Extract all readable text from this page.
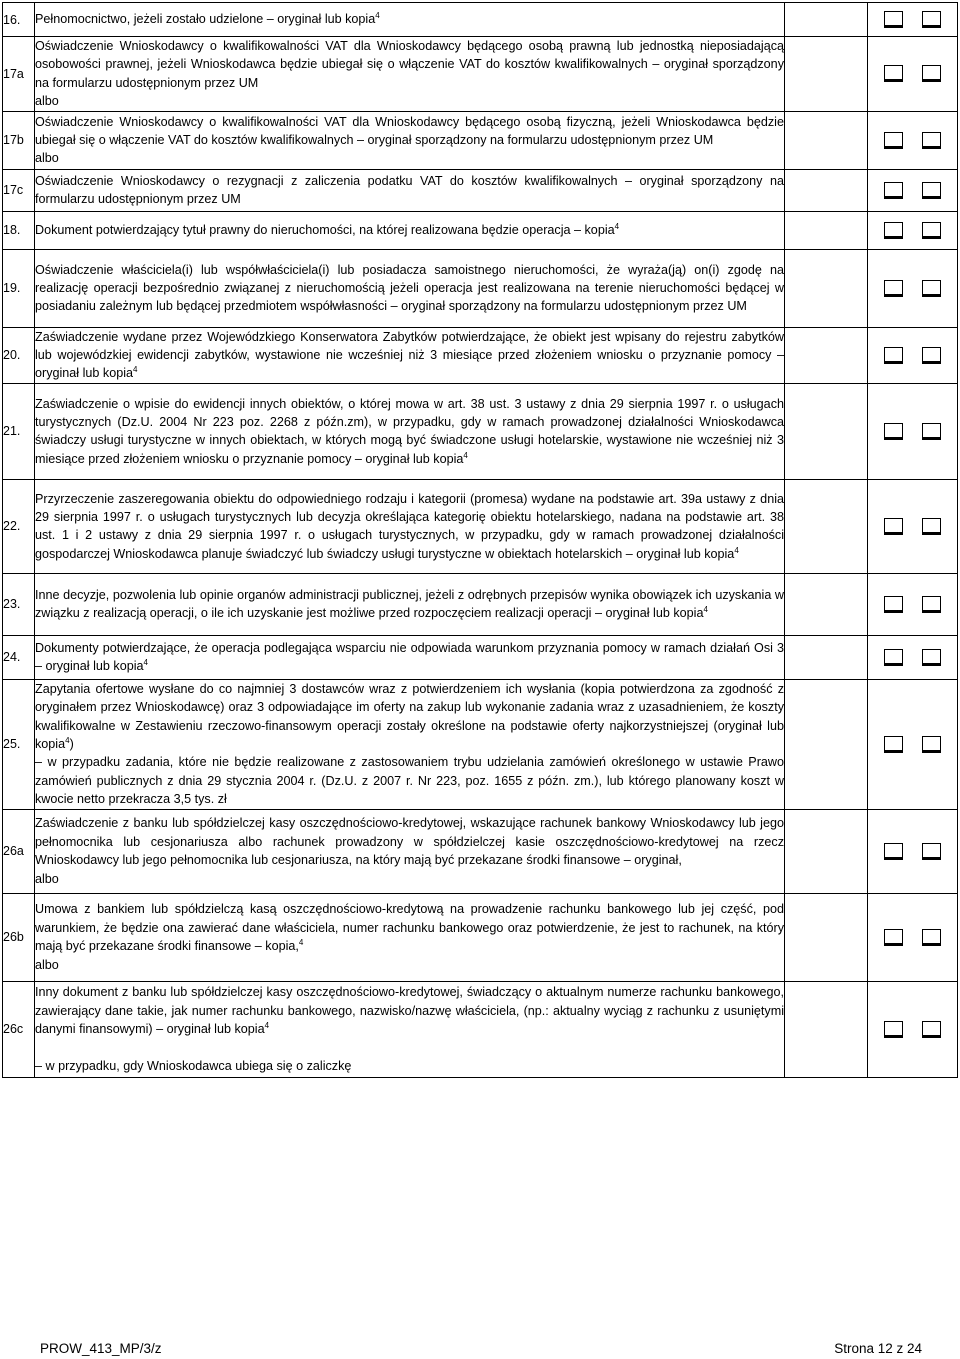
16.	Pełnomocnictwo, jeżeli zostało udzielone – oryginał lub kopia$^4$

17a	Oświadczenie Wnioskodawcy o kwalifikowalności VAT dla Wnioskodawcy będącego osobą prawną lub jednostką nieposiadającą osobowości prawnej, jeżeli Wnioskodawca będzie ubiegał się o włączenie VAT do kosztów kwalifikowalnych – oryginał sporządzony na formularzu udostępnionym przez UM
albo		

17b	Oświadczenie Wnioskodawcy o kwalifikowalności VAT dla Wnioskodawcy będącego osobą fizyczną, jeżeli Wnioskodawca będzie ubiegał się o włączenie VAT do kosztów kwalifikowalnych – oryginał sporządzony na formularzu udostępnionym przez UM
albo		

17c	Oświadczenie Wnioskodawcy o rezygnacji z zaliczenia podatku VAT do kosztów kwalifikowalnych – oryginał sporządzony na formularzu udostępnionym przez UM		

18.	Dokument potwierdzający tytuł prawny do nieruchomości, na której realizowana będzie operacja – kopia$^4$

19.	Oświadczenie właściciela(i) lub współwłaściciela(i) lub posiadacza samoistnego nieruchomości, że wyraża(ją) on(i) zgodę na realizację operacji bezpośrednio związanej z nieruchomością jeżeli operacja jest realizowana na terenie nieruchomości będącej w posiadaniu zależnym lub będącej przedmiotem współwłasności – oryginał sporządzony na formularzu udostępnionym przez UM		

20.	Zaświadczenie wydane przez Wojewódzkiego Konserwatora Zabytków potwierdzające, że obiekt jest wpisany do rejestru zabytków lub wojewódzkiej ewidencji zabytków, wystawione nie wcześniej niż 3 miesiące przed złożeniem wniosku o przyznanie pomocy – oryginał lub kopia$^4$

21.	Zaświadczenie o wpisie do ewidencji innych obiektów, o której mowa w art. 38 ust. 3 ustawy z dnia 29 sierpnia 1997 r. o usługach turystycznych (Dz.U. 2004 Nr 223 poz. 2268 z późn.zm), w przypadku, gdy w ramach prowadzonej działalności Wnioskodawca świadczy usługi turystyczne w innych obiektach, w których mogą być świadczone usługi hotelarskie, wystawione nie wcześniej niż 3 miesiące przed złożeniem wniosku o przyznanie pomocy – oryginał lub kopia$^4$

22.	Przyrzeczenie zaszeregowania obiektu do odpowiedniego rodzaju i kategorii (promesa) wydane na podstawie art. 39a ustawy z dnia 29 sierpnia 1997 r. o usługach turystycznych lub decyzja określająca kategorię obiektu hotelarskiego, nadana na podstawie art. 38 ust. 1 i 2 ustawy z dnia 29 sierpnia 1997 r. o usługach turystycznych, w przypadku, gdy w ramach prowadzonej działalności gospodarczej Wnioskodawca planuje świadczyć lub świadczy usługi turystyczne w obiektach hotelarskich – oryginał lub kopia$^4$

23.	Inne decyzje, pozwolenia lub opinie organów administracji publicznej, jeżeli z odrębnych przepisów wynika obowiązek ich uzyskania w związku z realizacją operacji, o ile ich uzyskanie jest możliwe przed rozpoczęciem realizacji operacji – oryginał lub kopia$^4$

24.	Dokumenty potwierdzające, że operacja podlegająca wsparciu nie odpowiada warunkom przyznania pomocy w ramach działań Osi 3 – oryginał lub kopia$^4$

25.	Zapytania ofertowe wysłane do co najmniej 3 dostawców wraz z potwierdzeniem ich wysłania (kopia potwierdzona za zgodność z oryginałem przez Wnioskodawcę) oraz 3 odpowiadające im oferty na zakup lub wykonanie zadania wraz z uzasadnieniem, że koszty kwalifikowalne w Zestawieniu rzeczowo-finansowym operacji zostały określone na podstawie oferty najkorzystniejszej (oryginał lub kopia$^4$)
– w przypadku zadania, które nie będzie realizowane z zastosowaniem trybu udzielania zamówień określonego w ustawie Prawo zamówień publicznych z dnia 29 stycznia 2004 r. (Dz.U. z 2007 r. Nr 223, poz. 1655 z późn. zm.), lub którego planowany koszt w kwocie netto przekracza 3,5 tys. zł		

26a	Zaświadczenie z banku lub spółdzielczej kasy oszczędnościowo-kredytowej, wskazujące rachunek bankowy Wnioskodawcy lub jego pełnomocnika lub cesjonariusza albo rachunek prowadzony w spółdzielczej kasie oszczędnościowo-kredytowej na rzecz Wnioskodawcy lub jego pełnomocnika lub cesjonariusza, na który mają być przekazane środki finansowe – oryginał,
albo		

26b	Umowa z bankiem lub spółdzielczą kasą oszczędnościowo-kredytową na prowadzenie rachunku bankowego lub jej część, pod warunkiem, że będzie ona zawierać dane właściciela, numer rachunku bankowego oraz potwierdzenie, że jest to rachunek, na który mają być przekazane środki finansowe – kopia,$^4$
albo		

26c	Inny dokument z banku lub spółdzielczej kasy oszczędnościowo-kredytowej, świadczący o aktualnym numerze rachunku bankowego, zawierający dane takie, jak numer rachunku bankowego, nazwisko/nazwę właściciela, (np.: aktualny wyciąg z rachunku z usuniętymi danymi finansowymi) – oryginał lub kopia$^4$

– w przypadku, gdy Wnioskodawca ubiega się o zaliczkę		

PROW_413_MP/3/z	Strona 12 z 24
